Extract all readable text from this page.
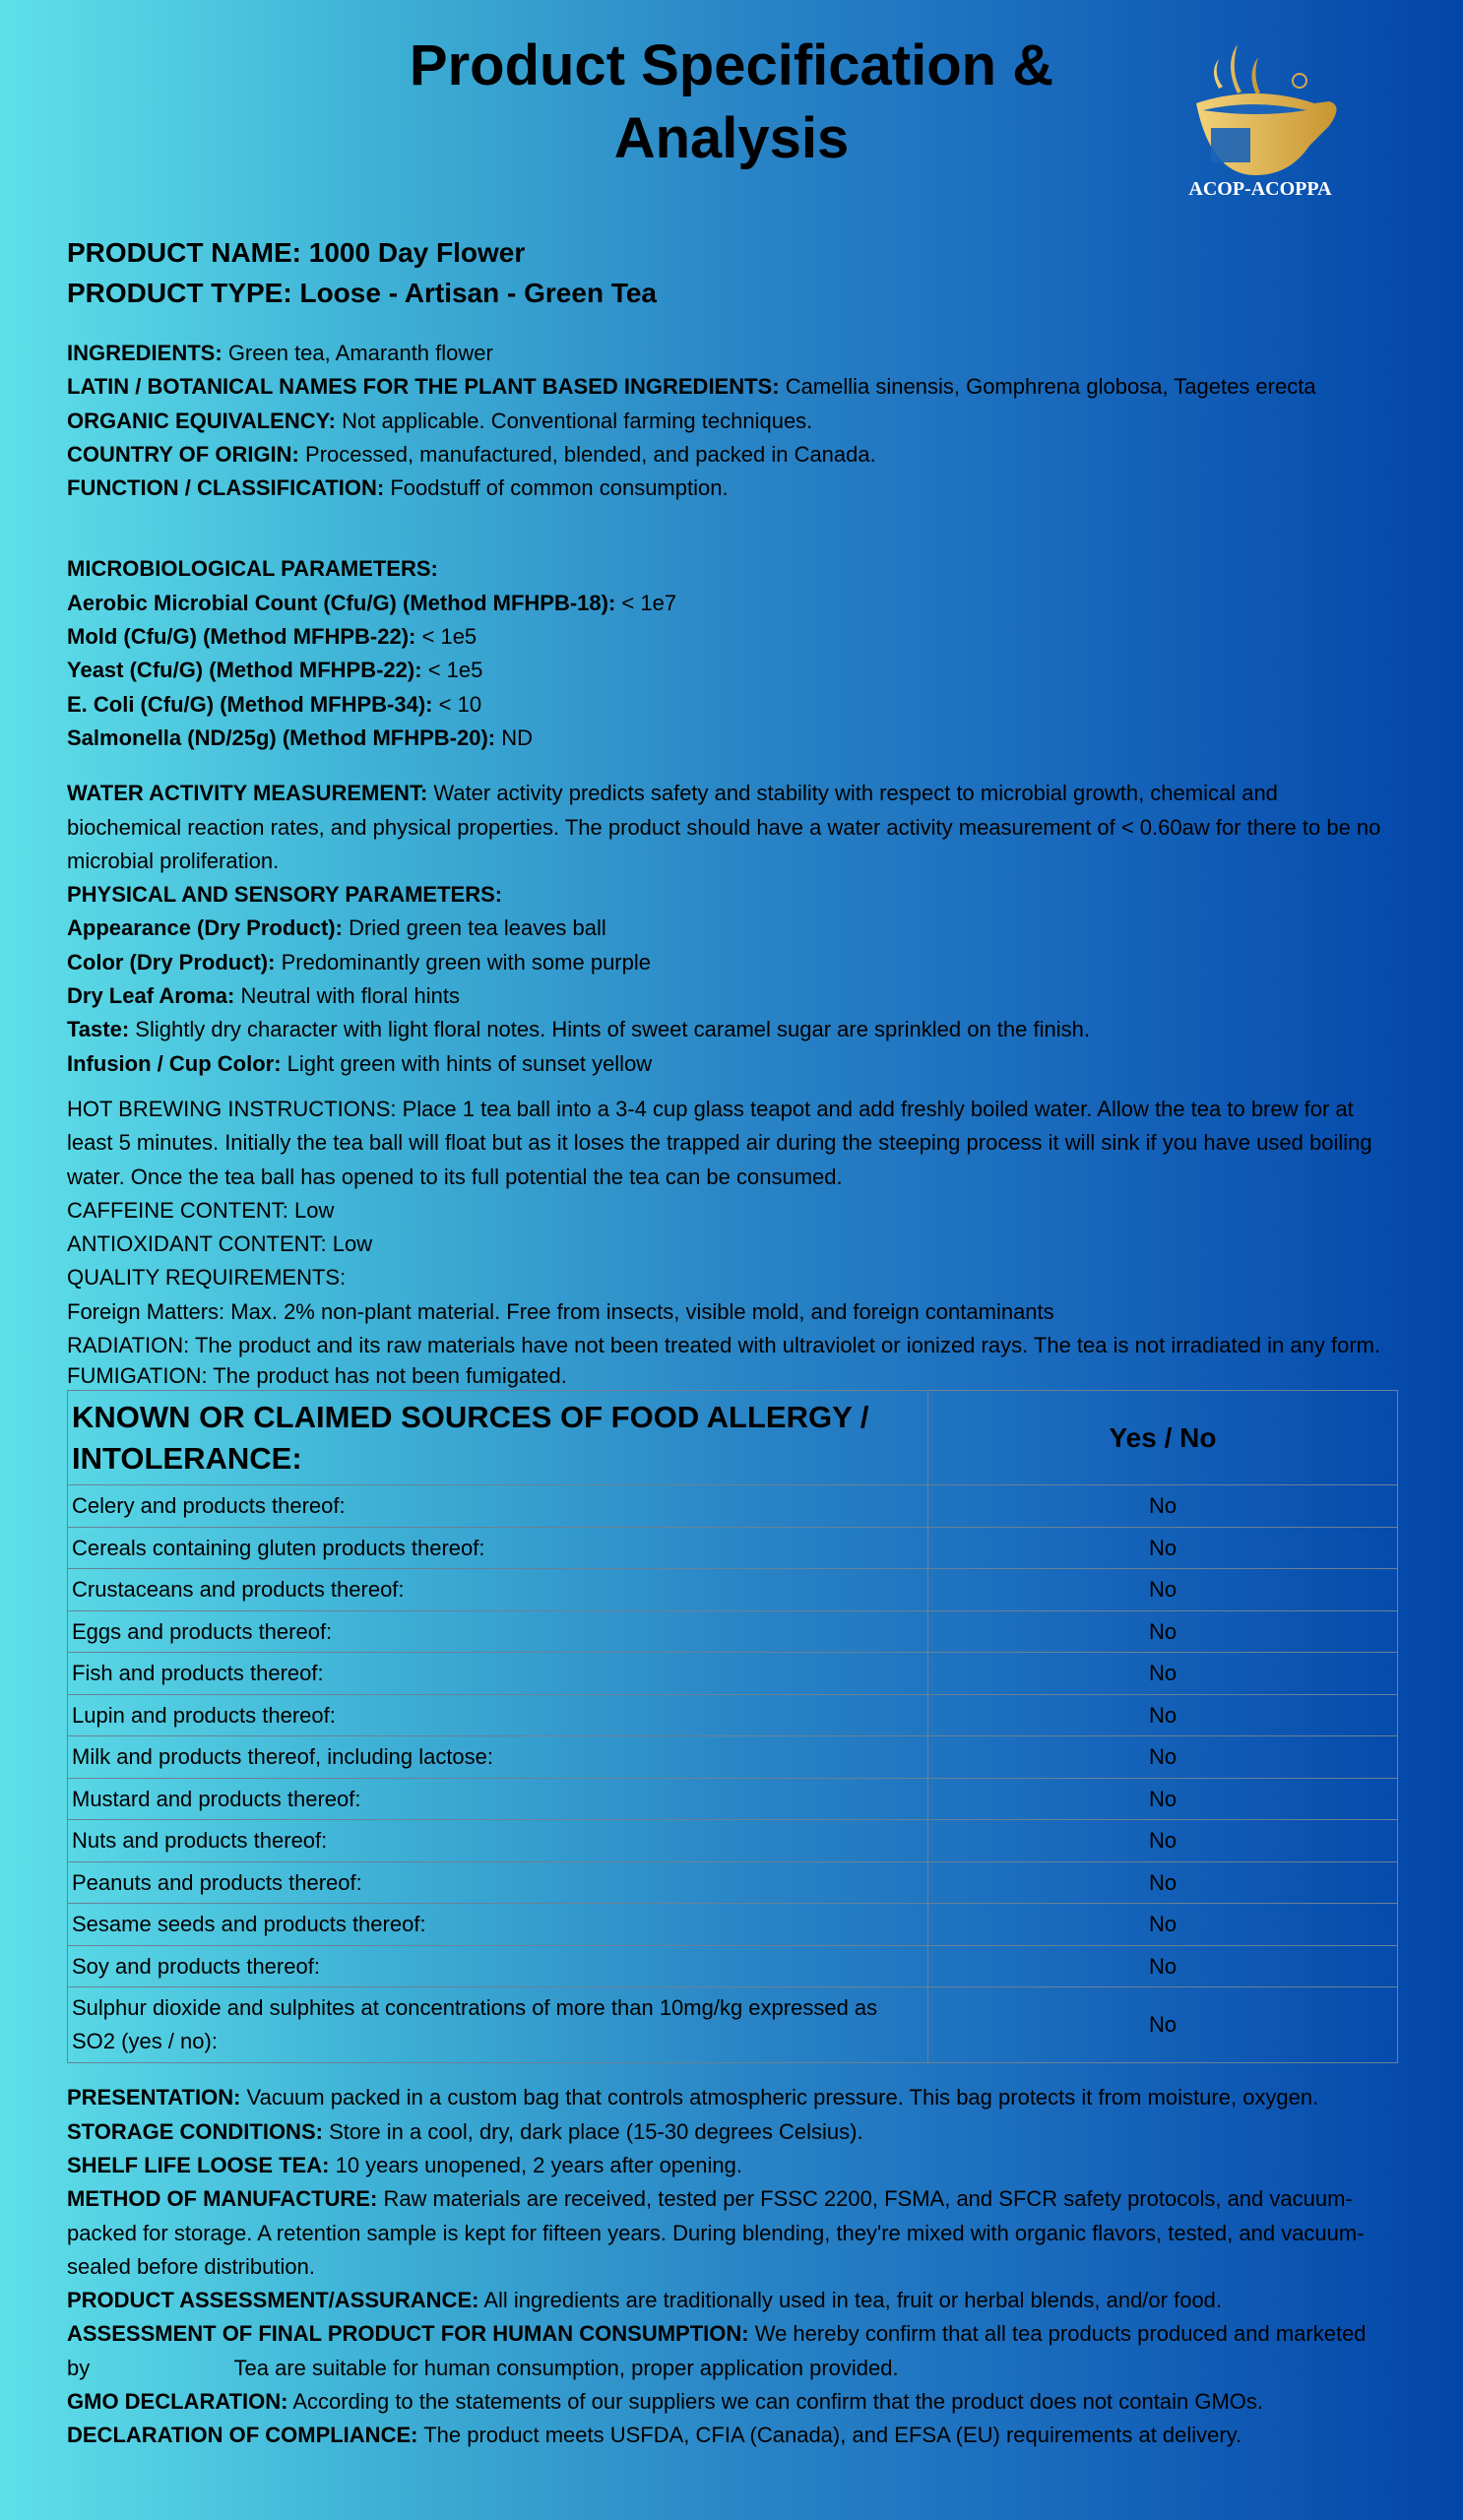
Product Specification &
Analysis
ACOP-ACOPPA

PRODUCT NAME: 1000 Day Flower

PRODUCT TYPE: Loose - Artisan - Green Tea

INGREDIENTS: Green tea, Amaranth flower

LATIN / BOTANICAL NAMES FOR THE PLANT BASED INGREDIENTS: Camellia sinensis, Gomphrena globosa, Tagetes erecta

ORGANIC EQUIVALENCY: Not applicable. Conventional farming techniques.

COUNTRY OF ORIGIN: Processed, manufactured, blended, and packed in Canada.

FUNCTION / CLASSIFICATION: Foodstuff of common consumption.

MICROBIOLOGICAL PARAMETERS:

Aerobic Microbial Count (Cfu/G) (Method MFHPB-18): < 1e7

Mold (Cfu/G) (Method MFHPB-22): < 1e5

Yeast (Cfu/G) (Method MFHPB-22): < 1e5

E. Coli (Cfu/G) (Method MFHPB-34): < 10

Salmonella (ND/25g) (Method MFHPB-20): ND

WATER ACTIVITY MEASUREMENT: Water activity predicts safety and stability with respect to microbial growth, chemical and biochemical reaction rates, and physical properties. The product should have a water activity measurement of < 0.60aw for there to be no microbial proliferation.

PHYSICAL AND SENSORY PARAMETERS:

Appearance (Dry Product): Dried green tea leaves ball

Color (Dry Product): Predominantly green with some purple

Dry Leaf Aroma: Neutral with floral hints

Taste: Slightly dry character with light floral notes. Hints of sweet caramel sugar are sprinkled on the finish.

Infusion / Cup Color: Light green with hints of sunset yellow

HOT BREWING INSTRUCTIONS: Place 1 tea ball into a 3-4 cup glass teapot and add freshly boiled water. Allow the tea to brew for at least 5 minutes. Initially the tea ball will float but as it loses the trapped air during the steeping process it will sink if you have used boiling water. Once the tea ball has opened to its full potential the tea can be consumed.

CAFFEINE CONTENT: Low

ANTIOXIDANT CONTENT: Low

QUALITY REQUIREMENTS:

Foreign Matters: Max. 2% non-plant material. Free from insects, visible mold, and foreign contaminants

RADIATION: The product and its raw materials have not been treated with ultraviolet or ionized rays. The tea is not irradiated in any form.

FUMIGATION: The product has not been fumigated.

KNOWN OR CLAIMED SOURCES OF FOOD ALLERGY / INTOLERANCE:	Yes / No
Celery and products thereof:	No
Cereals containing gluten products thereof:	No
Crustaceans and products thereof:	No
Eggs and products thereof:	No
Fish and products thereof:	No
Lupin and products thereof:	No
Milk and products thereof, including lactose:	No
Mustard and products thereof:	No
Nuts and products thereof:	No
Peanuts and products thereof:	No
Sesame seeds and products thereof:	No
Soy and products thereof:	No
Sulphur dioxide and sulphites at concentrations of more than 10mg/kg expressed as SO2 (yes / no):	No

PRESENTATION: Vacuum packed in a custom bag that controls atmospheric pressure. This bag protects it from moisture, oxygen.

STORAGE CONDITIONS: Store in a cool, dry, dark place (15-30 degrees Celsius).

SHELF LIFE LOOSE TEA: 10 years unopened, 2 years after opening.

METHOD OF MANUFACTURE: Raw materials are received, tested per FSSC 2200, FSMA, and SFCR safety protocols, and vacuum-packed for storage. A retention sample is kept for fifteen years. During blending, they're mixed with organic flavors, tested, and vacuum-sealed before distribution.

PRODUCT ASSESSMENT/ASSURANCE: All ingredients are traditionally used in tea, fruit or herbal blends, and/or food.

ASSESSMENT OF FINAL PRODUCT FOR HUMAN CONSUMPTION: We hereby confirm that all tea products produced and marketed by                        Tea are suitable for human consumption, proper application provided.

GMO DECLARATION: According to the statements of our suppliers we can confirm that the product does not contain GMOs.

DECLARATION OF COMPLIANCE: The product meets USFDA, CFIA (Canada), and EFSA (EU) requirements at delivery.
